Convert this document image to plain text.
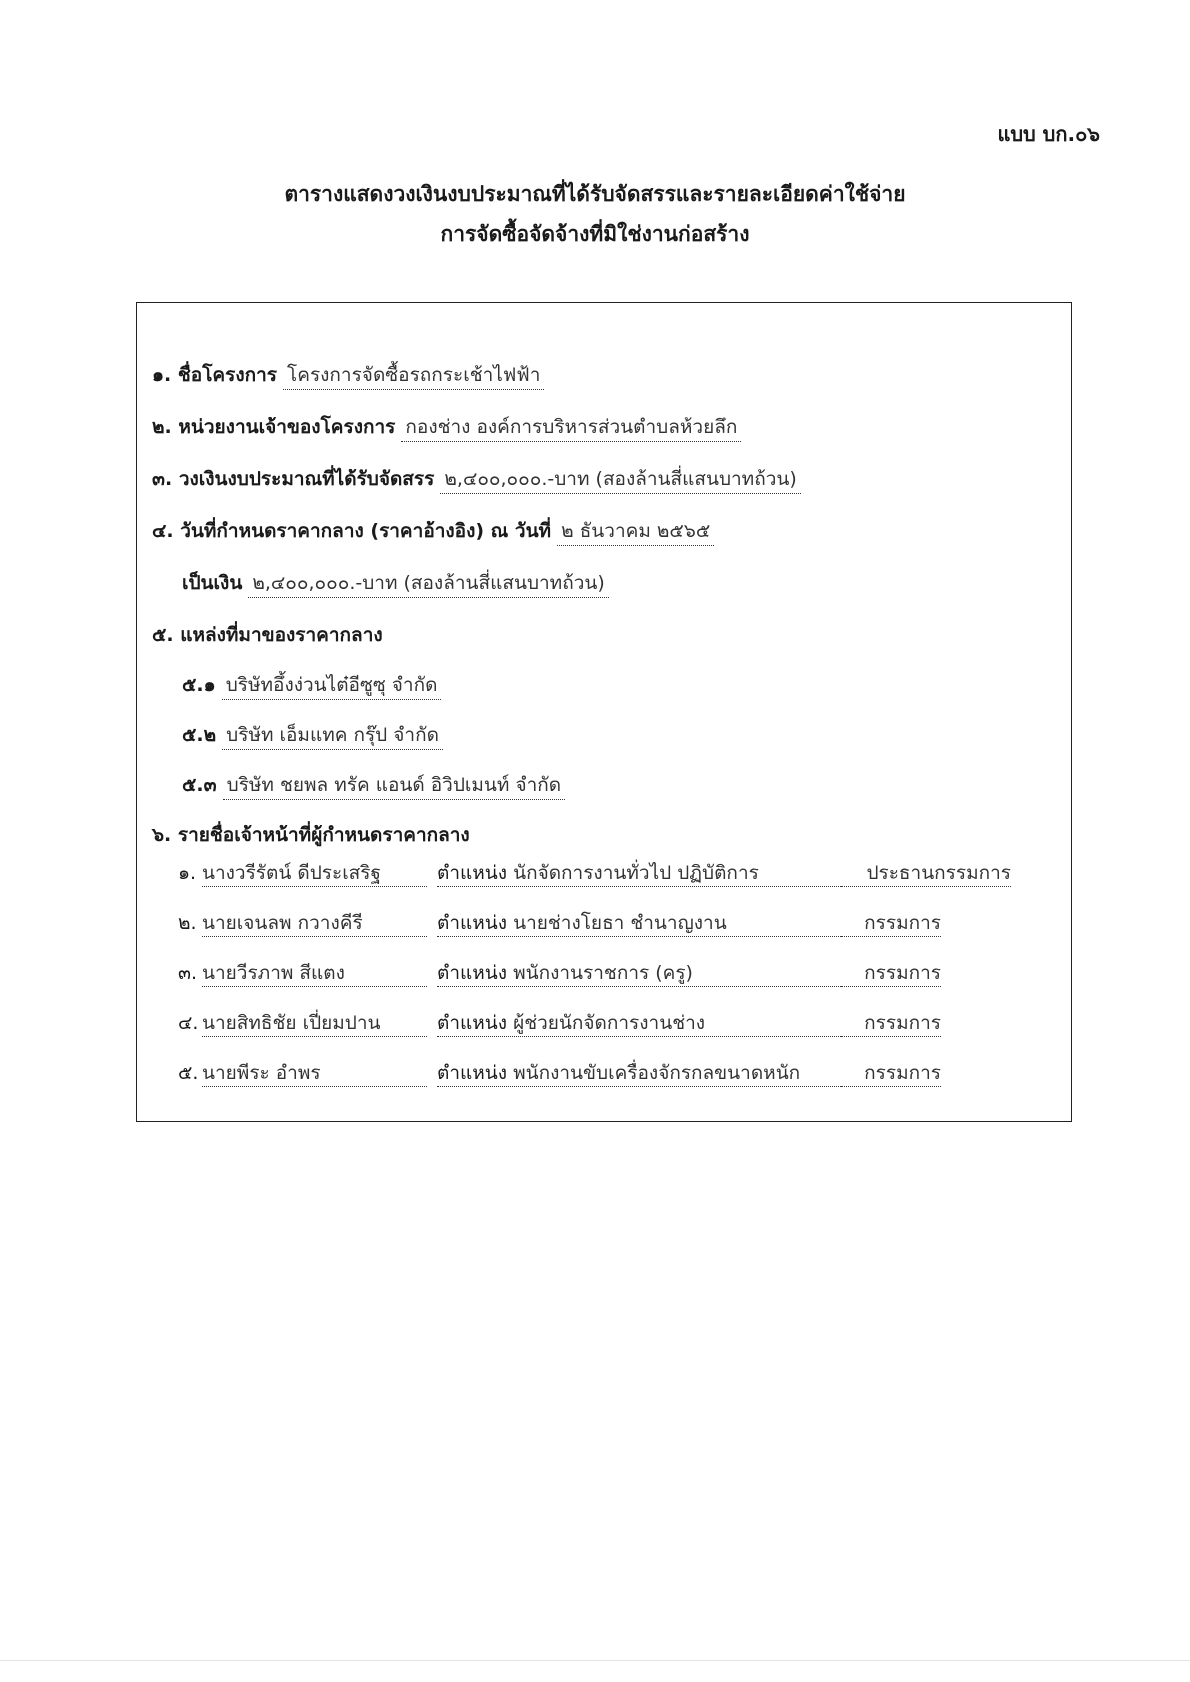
แบบ บก.๐๖
ตารางแสดงวงเงินงบประมาณที่ได้รับจัดสรรและรายละเอียดค่าใช้จ่าย
การจัดซื้อจัดจ้างที่มิใช่งานก่อสร้าง
๑. ชื่อโครงการ โครงการจัดซื้อรถกระเช้าไฟฟ้า
๒. หน่วยงานเจ้าของโครงการ กองช่าง องค์การบริหารส่วนตำบลห้วยลึก
๓. วงเงินงบประมาณที่ได้รับจัดสรร ๒,๔๐๐,๐๐๐.-บาท (สองล้านสี่แสนบาทถ้วน)
๔. วันที่กำหนดราคากลาง (ราคาอ้างอิง) ณ วันที่ ๒ ธันวาคม ๒๕๖๕
เป็นเงิน ๒,๔๐๐,๐๐๐.-บาท (สองล้านสี่แสนบาทถ้วน)
๕. แหล่งที่มาของราคากลาง
๕.๑ บริษัทอึ้งง่วนไต๋อีซูซุ จำกัด
๕.๒ บริษัท เอ็มแทค กรุ๊ป จำกัด
๕.๓ บริษัท ชยพล ทรัค แอนด์ อิวิปเมนท์ จำกัด
๖. รายชื่อเจ้าหน้าที่ผู้กำหนดราคากลาง
๑. นางวรีรัตน์ ดีประเสริฐ	ตำแหน่ง นักจัดการงานทั่วไป ปฏิบัติการ	ประธานกรรมการ
๒. นายเจนลพ กวางคีรี	ตำแหน่ง นายช่างโยธา ชำนาญงาน	กรรมการ
๓. นายวีรภาพ สีแตง	ตำแหน่ง พนักงานราชการ (ครู)	กรรมการ
๔. นายสิทธิชัย เปี่ยมปาน	ตำแหน่ง ผู้ช่วยนักจัดการงานช่าง	กรรมการ
๕. นายพีระ อำพร	ตำแหน่ง พนักงานขับเครื่องจักรกลขนาดหนัก	กรรมการ
